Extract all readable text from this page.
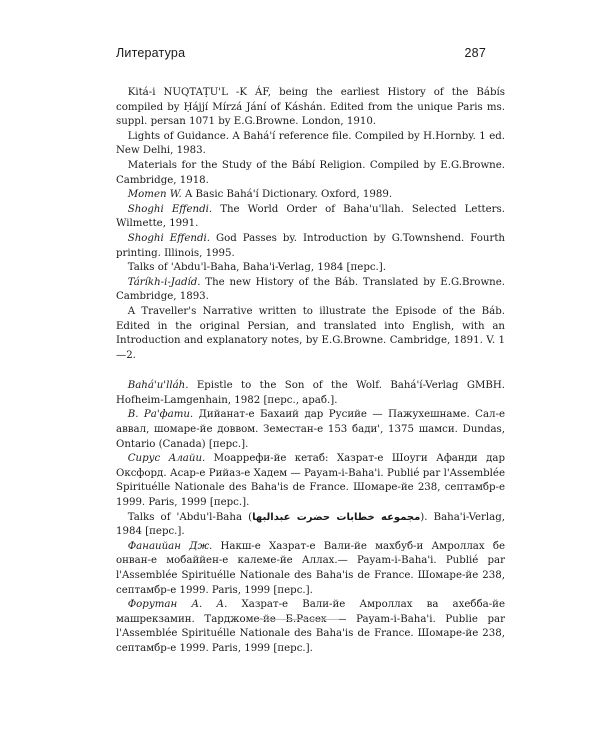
Литература	287

Kitá-i NUQTAṬU'L -K ÁF, being the earliest History of the Bábís compiled by Ḥájjí Mírzá Jání of Káshán. Edited from the unique Paris ms. suppl. persan 1071 by E.G.Browne. London, 1910.

Lights of Guidance. A Bahá'í reference file. Compiled by H.Hornby. 1 ed. New Delhi, 1983.

Materials for the Study of the Bábí Religion. Compiled by E.G.Browne. Cambridge, 1918.

Momen W. A Basic Bahá'í Dictionary. Oxford, 1989.

Shoghi Effendi. The World Order of Baha'u'llah. Selected Letters. Wilmette, 1991.

Shoghi Effendi. God Passes by. Introduction by G.Townshend. Fourth printing. Illinois, 1995.

Talks of 'Abdu'l-Baha, Baha'i-Verlag, 1984 [перс.].

Táríkh-i-Jadíd. The new History of the Báb. Translated by E.G.Browne. Cambridge, 1893.

A Traveller's Narrative written to illustrate the Episode of the Báb. Edited in the original Persian, and translated into English, with an Introduction and explanatory notes, by E.G.Browne. Cambridge, 1891. V. 1—2.

Bahá'u'lláh. Epistle to the Son of the Wolf. Bahá'í-Verlag GMBH. Hofheim-Lamgenhain, 1982 [перс., араб.].

В. Ра'фати. Дийанат-е Бахаий дар Русийе — Пажухешнаме. Сал-е аввал, шомаре-йе доввом. Земестан-е 153 бади', 1375 шамси. Dundas, Ontario (Canada) [перс.].

Сирус Алайи. Моаррефи-йе кетаб: Хазрат-е Шоуги Афанди дар Оксфорд. Асар-е Рийаз-е Хадем — Payam-i-Baha'i. Publié par l'Assemblée Spirituélle Nationale des Baha'is de France. Шомаре-йе 238, септамбр-е 1999. Paris, 1999 [перс.].

Talks of 'Abdu'l-Baha (مجموعه خطابات حضرت عبدالبها). Baha'i-Verlag, 1984 [перс.].

Фанаийан Дж. Накш-е Хазрат-е Вали-йе махбуб-и Амроллах бе онван-е мобаййен-е калеме-йе Аллах.— Payam-i-Baha'i. Publié par l'Assemblée Spirituélle Nationale des Baha'is de France. Шомаре-йе 238, септамбр-е 1999. Paris, 1999 [перс.].

Форутан А. А. Хазрат-е Вали-йе Амроллах ва ахебба-йе машрекзамин. Тарджоме-йе Б.Расех — Payam-i-Baha'i. Publie par l'Assemblée Spirituélle Nationale des Baha'is de France. Шомаре-йе 238, септамбр-е 1999. Paris, 1999 [перс.].
